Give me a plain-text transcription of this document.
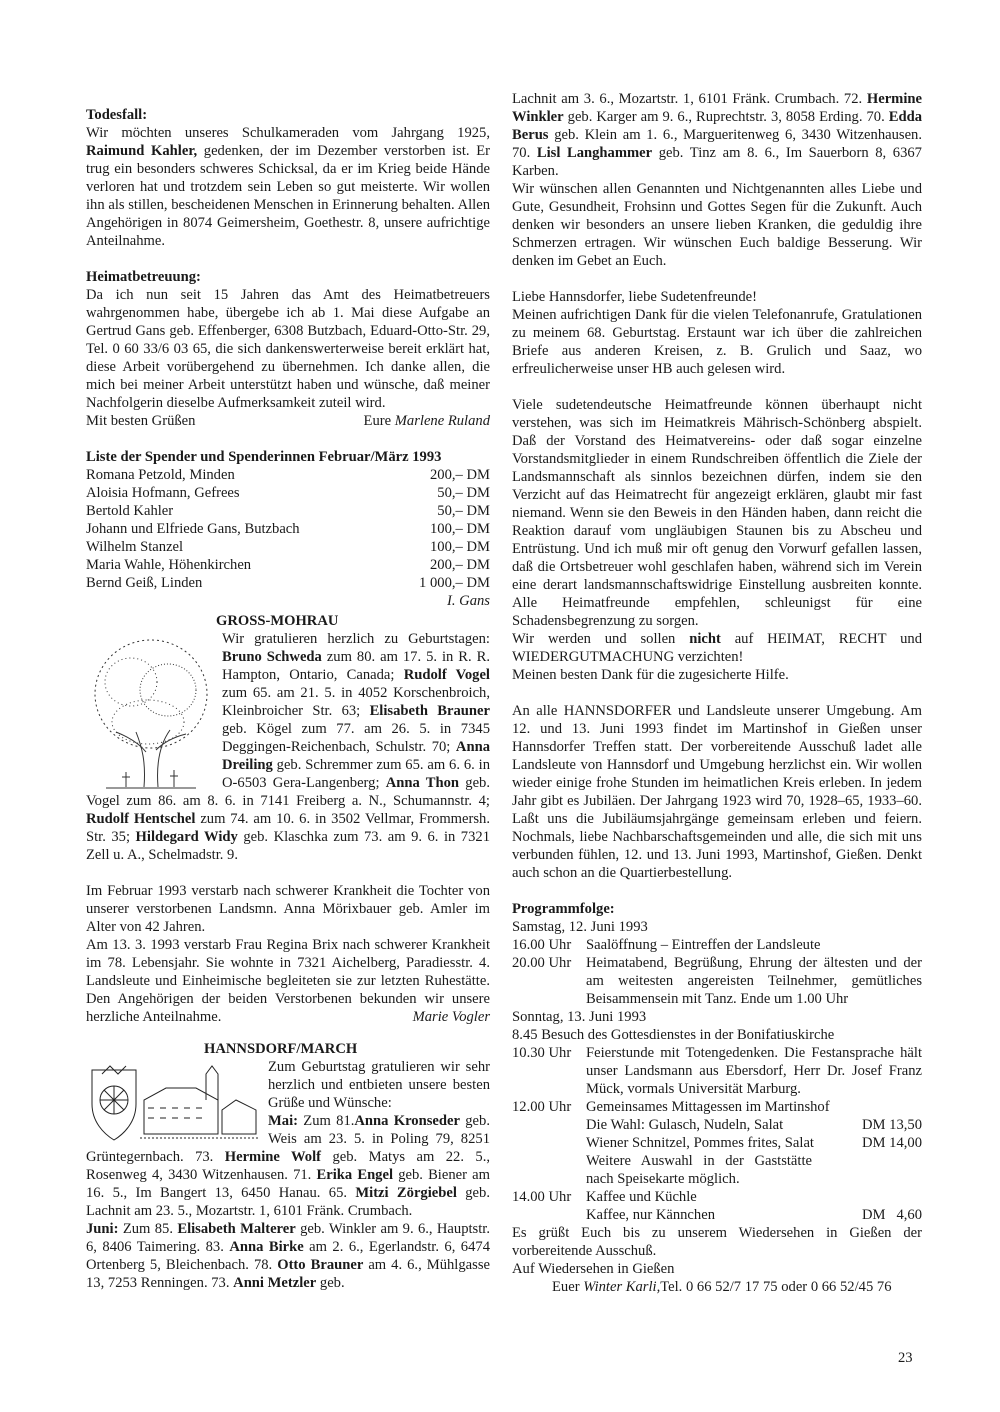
Todesfall:

Wir möchten unseres Schulkameraden vom Jahrgang 1925, Raimund Kahler, gedenken, der im Dezember verstorben ist. Er trug ein besonders schweres Schicksal, da er im Krieg beide Hände verloren hat und trotzdem sein Leben so gut meisterte. Wir wollen ihn als stillen, bescheidenen Menschen in Erinnerung behalten. Allen Angehörigen in 8074 Geimersheim, Goethestr. 8, unsere aufrichtige Anteilnahme.

Heimatbetreuung:

Da ich nun seit 15 Jahren das Amt des Heimatbetreuers wahrgenommen habe, übergebe ich ab 1. Mai diese Aufgabe an Gertrud Gans geb. Effenberger, 6308 Butzbach, Eduard-Otto-Str. 29, Tel. 0 60 33/6 03 65, die sich dankenswerterweise bereit erklärt hat, diese Arbeit vorübergehend zu übernehmen. Ich danke allen, die mich bei meiner Arbeit unterstützt haben und wünsche, daß meiner Nachfolgerin dieselbe Aufmerksamkeit zuteil wird.

Mit besten Grüßen	Eure Marlene Ruland

Liste der Spender und Spenderinnen Februar/März 1993

Romana Petzold, Minden	200,– DM
Aloisia Hofmann, Gefrees	50,– DM
Bertold Kahler	50,– DM
Johann und Elfriede Gans, Butzbach	100,– DM
Wilhelm Stanzel	100,– DM
Maria Wahle, Höhenkirchen	200,– DM
Bernd Geiß, Linden	1 000,– DM

I. Gans

GROSS-MOHRAU

Wir gratulieren herzlich zu Geburtstagen: Bruno Schweda zum 80. am 17. 5. in R. R. Hampton, Ontario, Canada; Rudolf Vogel zum 65. am 21. 5. in 4052 Korschenbroich, Kleinbroicher Str. 63; Elisabeth Brauner geb. Kögel zum 77. am 26. 5. in 7345 Deggingen-Reichenbach, Schulstr. 70; Anna Dreiling geb. Schremmer zum 65. am 6. 6. in O-6503 Gera-Langenberg; Anna Thon geb. Vogel zum 86. am 8. 6. in 7141 Freiberg a. N., Schumannstr. 4; Rudolf Hentschel zum 74. am 10. 6. in 3502 Vellmar, Frommersh. Str. 35; Hildegard Widy geb. Klaschka zum 73. am 9. 6. in 7321 Zell u. A., Schelmadstr. 9.

Im Februar 1993 verstarb nach schwerer Krankheit die Tochter von unserer verstorbenen Landsmn. Anna Mörixbauer geb. Amler im Alter von 42 Jahren.

Am 13. 3. 1993 verstarb Frau Regina Brix nach schwerer Krankheit im 78. Lebensjahr. Sie wohnte in 7321 Aichelberg, Paradiesstr. 4. Landsleute und Einheimische begleiteten sie zur letzten Ruhestätte. Den Angehörigen der beiden Verstorbenen bekunden wir unsere herzliche Anteilnahme.	Marie Vogler

HANNSDORF/MARCH

Zum Geburtstag gratulieren wir sehr herzlich und entbieten unsere besten Grüße und Wünsche:
Mai: Zum 81.Anna Kronseder geb. Weis am 23. 5. in Poling 79, 8251 Grüntegernbach. 73. Hermine Wolf geb. Matys am 22. 5., Rosenweg 4, 3430 Witzenhausen. 71. Erika Engel geb. Biener am 16. 5., Im Bangert 13, 6450 Hanau. 65. Mitzi Zörgiebel geb. Lachnit am 23. 5., Mozartstr. 1, 6101 Fränk. Crumbach.
Juni: Zum 85. Elisabeth Malterer geb. Winkler am 9. 6., Hauptstr. 6, 8406 Taimering. 83. Anna Birke am 2. 6., Egerlandstr. 6, 6474 Ortenberg 5, Bleichenbach. 78. Otto Brauner am 4. 6., Mühlgasse 13, 7253 Renningen. 73. Anni Metzler geb.

Lachnit am 3. 6., Mozartstr. 1, 6101 Fränk. Crumbach. 72. Hermine Winkler geb. Karger am 9. 6., Ruprechtstr. 3, 8058 Erding. 70. Edda Berus geb. Klein am 1. 6., Margueritenweg 6, 3430 Witzenhausen. 70. Lisl Langhammer geb. Tinz am 8. 6., Im Sauerborn 8, 6367 Karben.

Wir wünschen allen Genannten und Nichtgenannten alles Liebe und Gute, Gesundheit, Frohsinn und Gottes Segen für die Zukunft. Auch denken wir besonders an unsere lieben Kranken, die geduldig ihre Schmerzen ertragen. Wir wünschen Euch baldige Besserung. Wir denken im Gebet an Euch.

Liebe Hannsdorfer, liebe Sudetenfreunde!

Meinen aufrichtigen Dank für die vielen Telefonanrufe, Gratulationen zu meinem 68. Geburtstag. Erstaunt war ich über die zahlreichen Briefe aus anderen Kreisen, z. B. Grulich und Saaz, wo erfreulicherweise unser HB auch gelesen wird.

Viele sudetendeutsche Heimatfreunde können überhaupt nicht verstehen, was sich im Heimatkreis Mährisch-Schönberg abspielt. Daß der Vorstand des Heimatvereins- oder daß sogar einzelne Vorstandsmitglieder in einem Rundschreiben öffentlich die Ziele der Landsmannschaft als sinnlos bezeichnen dürfen, indem sie den Verzicht auf das Heimatrecht für angezeigt erklären, glaubt mir fast niemand. Wenn sie den Beweis in den Händen haben, dann reicht die Reaktion darauf vom ungläubigen Staunen bis zu Abscheu und Entrüstung. Und ich muß mir oft genug den Vorwurf gefallen lassen, daß die Ortsbetreuer wohl geschlafen haben, während sich im Verein eine derart landsmannschaftswidrige Einstellung ausbreiten konnte. Alle Heimatfreunde empfehlen, schleunigst für eine Schadensbegrenzung zu sorgen.

Wir werden und sollen nicht auf HEIMAT, RECHT und WIEDERGUTMACHUNG verzichten!

Meinen besten Dank für die zugesicherte Hilfe.

An alle HANNSDORFER und Landsleute unserer Umgebung. Am 12. und 13. Juni 1993 findet im Martinshof in Gießen unser Hannsdorfer Treffen statt. Der vorbereitende Ausschuß ladet alle Landsleute von Hannsdorf und Umgebung herzlichst ein. Wir wollen wieder einige frohe Stunden im heimatlichen Kreis erleben. In jedem Jahr gibt es Jubiläen. Der Jahrgang 1923 wird 70, 1928–65, 1933–60. Laßt uns die Jubiläumsjahrgänge gemeinsam erleben und feiern. Nochmals, liebe Nachbarschaftsgemeinden und alle, die sich mit uns verbunden fühlen, 12. und 13. Juni 1993, Martinshof, Gießen. Denkt auch schon an die Quartierbestellung.

Programmfolge:

Samstag, 12. Juni 1993

16.00 Uhr	Saalöffnung – Eintreffen der Landsleute
20.00 Uhr	Heimatabend, Begrüßung, Ehrung der ältesten und der am weitesten angereisten Teilnehmer, gemütliches Beisammensein mit Tanz. Ende um 1.00 Uhr

Sonntag, 13. Juni 1993

8.45 Besuch des Gottesdienstes in der Bonifatiuskirche

10.30 Uhr	Feierstunde mit Totengedenken. Die Festansprache hält unser Landsmann aus Ebersdorf, Herr Dr. Josef Franz Mück, vormals Universität Marburg.
12.00 Uhr	Gemeinsames Mittagessen im Martinshof
Die Wahl: Gulasch, Nudeln, Salat	DM 13,50
Wiener Schnitzel, Pommes frites, Salat	DM 14,00
Weitere Auswahl in der Gaststätte nach Speisekarte möglich.
14.00 Uhr	Kaffee und Küchle
Kaffee, nur Kännchen	DM   4,60

Es grüßt Euch bis zu unserem Wiedersehen in Gießen der vorbereitende Ausschuß.

Auf Wiedersehen in Gießen

Euer Winter Karli,Tel. 0 66 52/7 17 75 oder 0 66 52/45 76

23
